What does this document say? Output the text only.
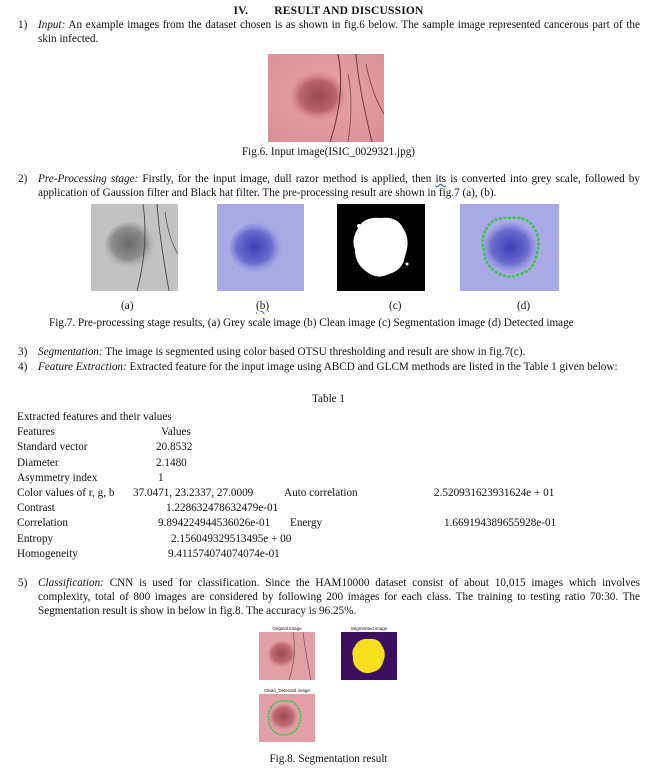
IV. RESULT AND DISCUSSION
1) Input: An example images from the dataset chosen is as shown in fig.6 below. The sample image represented cancerous part of the skin infected.
Fig.6. Input image(ISIC_0029321.jpg)
2) Pre-Processing stage: Firstly, for the input image, dull razor method is applied, then its is converted into grey scale, followed by application of Gaussion filter and Black hat filter. The pre-processing result are shown in fig.7 (a), (b).
(a)	(b)	(c)	(d)
Fig.7. Pre-processing stage results, (a) Grey scale image (b) Clean image (c) Segmentation image (d) Detected image
3) Segmentation: The image is segmented using color based OTSU thresholding and result are show in fig.7(c).
4) Feature Extraction: Extracted feature for the input image using ABCD and GLCM methods are listed in the Table 1 given below:
Table 1
Extracted features and their values
Features	Values
Standard vector	20.8532
Diameter	2.1480
Asymmetry index	1
Color values of r, g, b 37.0471, 23.2337, 27.0009	Auto correlation	2.520931623931624e + 01
Contrast	1.228632478632479e-01
Correlation	9.894224944536026e-01 Energy	1.669194389655928e-01
Entropy	2.156049329513495e + 00
Homogeneity	9.411574074074074e-01
5) Classification: CNN is used for classification. Since the HAM10000 dataset consist of about 10,015 images which involves complexity, total of 800 images are considered by following 200 images for each class. The training to testing ratio 70:30. The Segmentation result is show in below in fig.8. The accuracy is 96.25%.
Original Image	Segmented image
Clean_Detected image
Fig.8. Segmentation result
